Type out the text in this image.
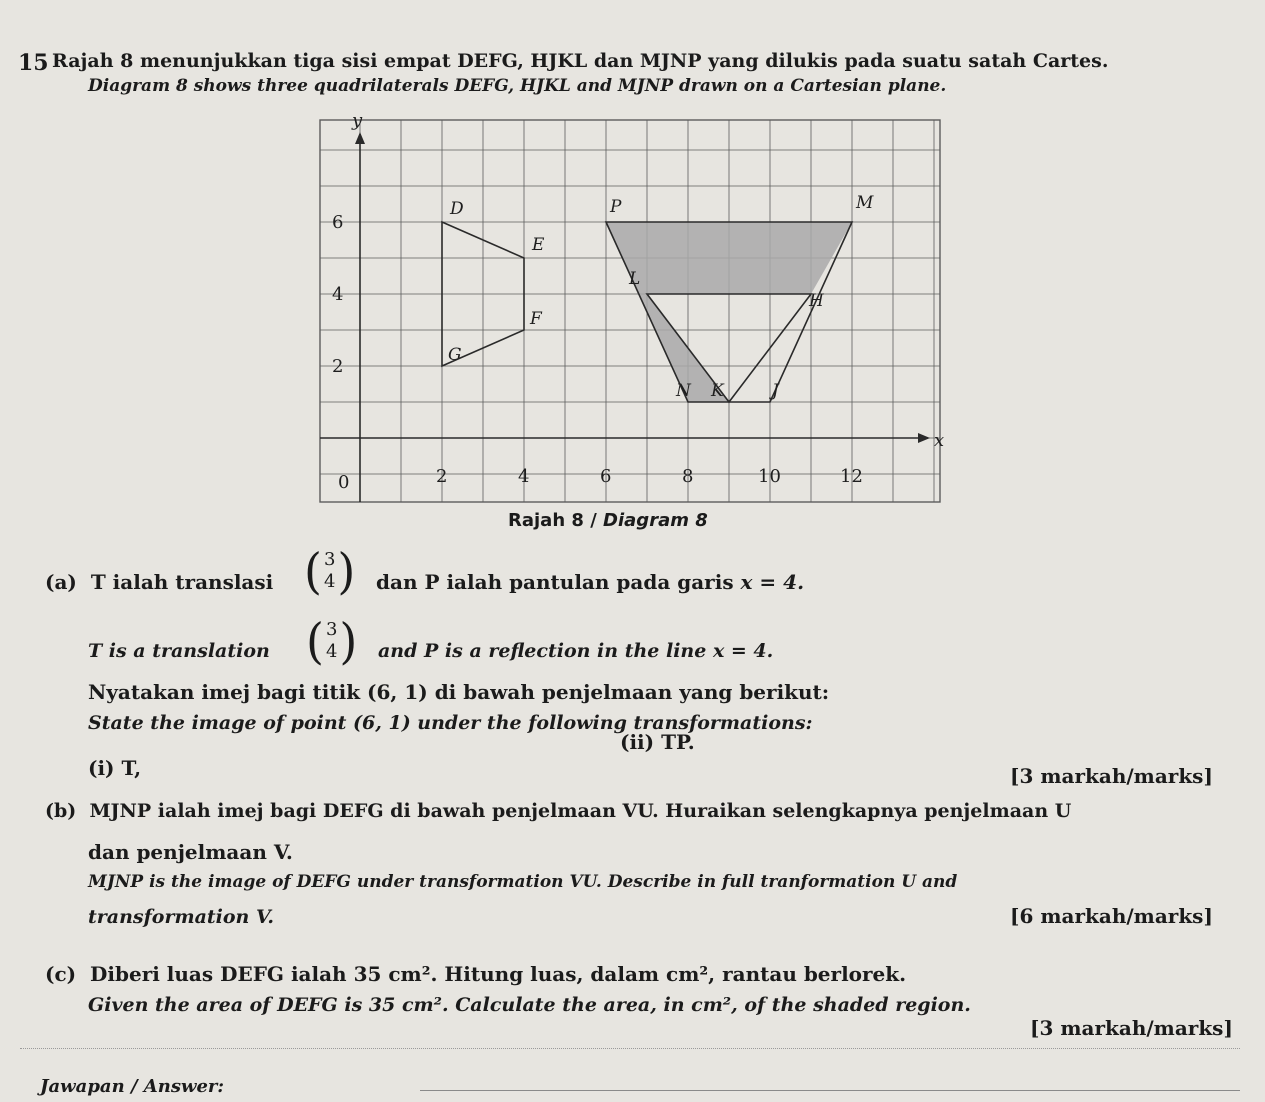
15 Rajah 8 menunjukkan tiga sisi empat DEFG, HJKL dan MJNP yang dilukis pada suatu satah Cartes.
Diagram 8 shows three quadrilaterals DEFG, HJKL and MJNP drawn on a Cartesian plane.
y
x
0	2	4	6	8	10	12
2
4
6
D
E
F
G
P	M
J
N
H
K
L
Rajah 8 / Diagram 8
(a) T ialah translasi ( 3
4 ) dan P ialah pantulan pada garis x = 4.
T is a translation ( 3
4 ) and P is a reflection in the line x = 4.
Nyatakan imej bagi titik (6, 1) di bawah penjelmaan yang berikut:
State the image of point (6, 1) under the following transformations:
(i) T,
(ii) TP.
[3 markah/marks]
(b) MJNP ialah imej bagi DEFG di bawah penjelmaan VU. Huraikan selengkapnya penjelmaan U
dan penjelmaan V.
MJNP is the image of DEFG under transformation VU. Describe in full tranformation U and
transformation V.	[6 markah/marks]
(c) Diberi luas DEFG ialah 35 cm². Hitung luas, dalam cm², rantau berlorek.
Given the area of DEFG is 35 cm². Calculate the area, in cm², of the shaded region.
[3 markah/marks]
Jawapan / Answer:
